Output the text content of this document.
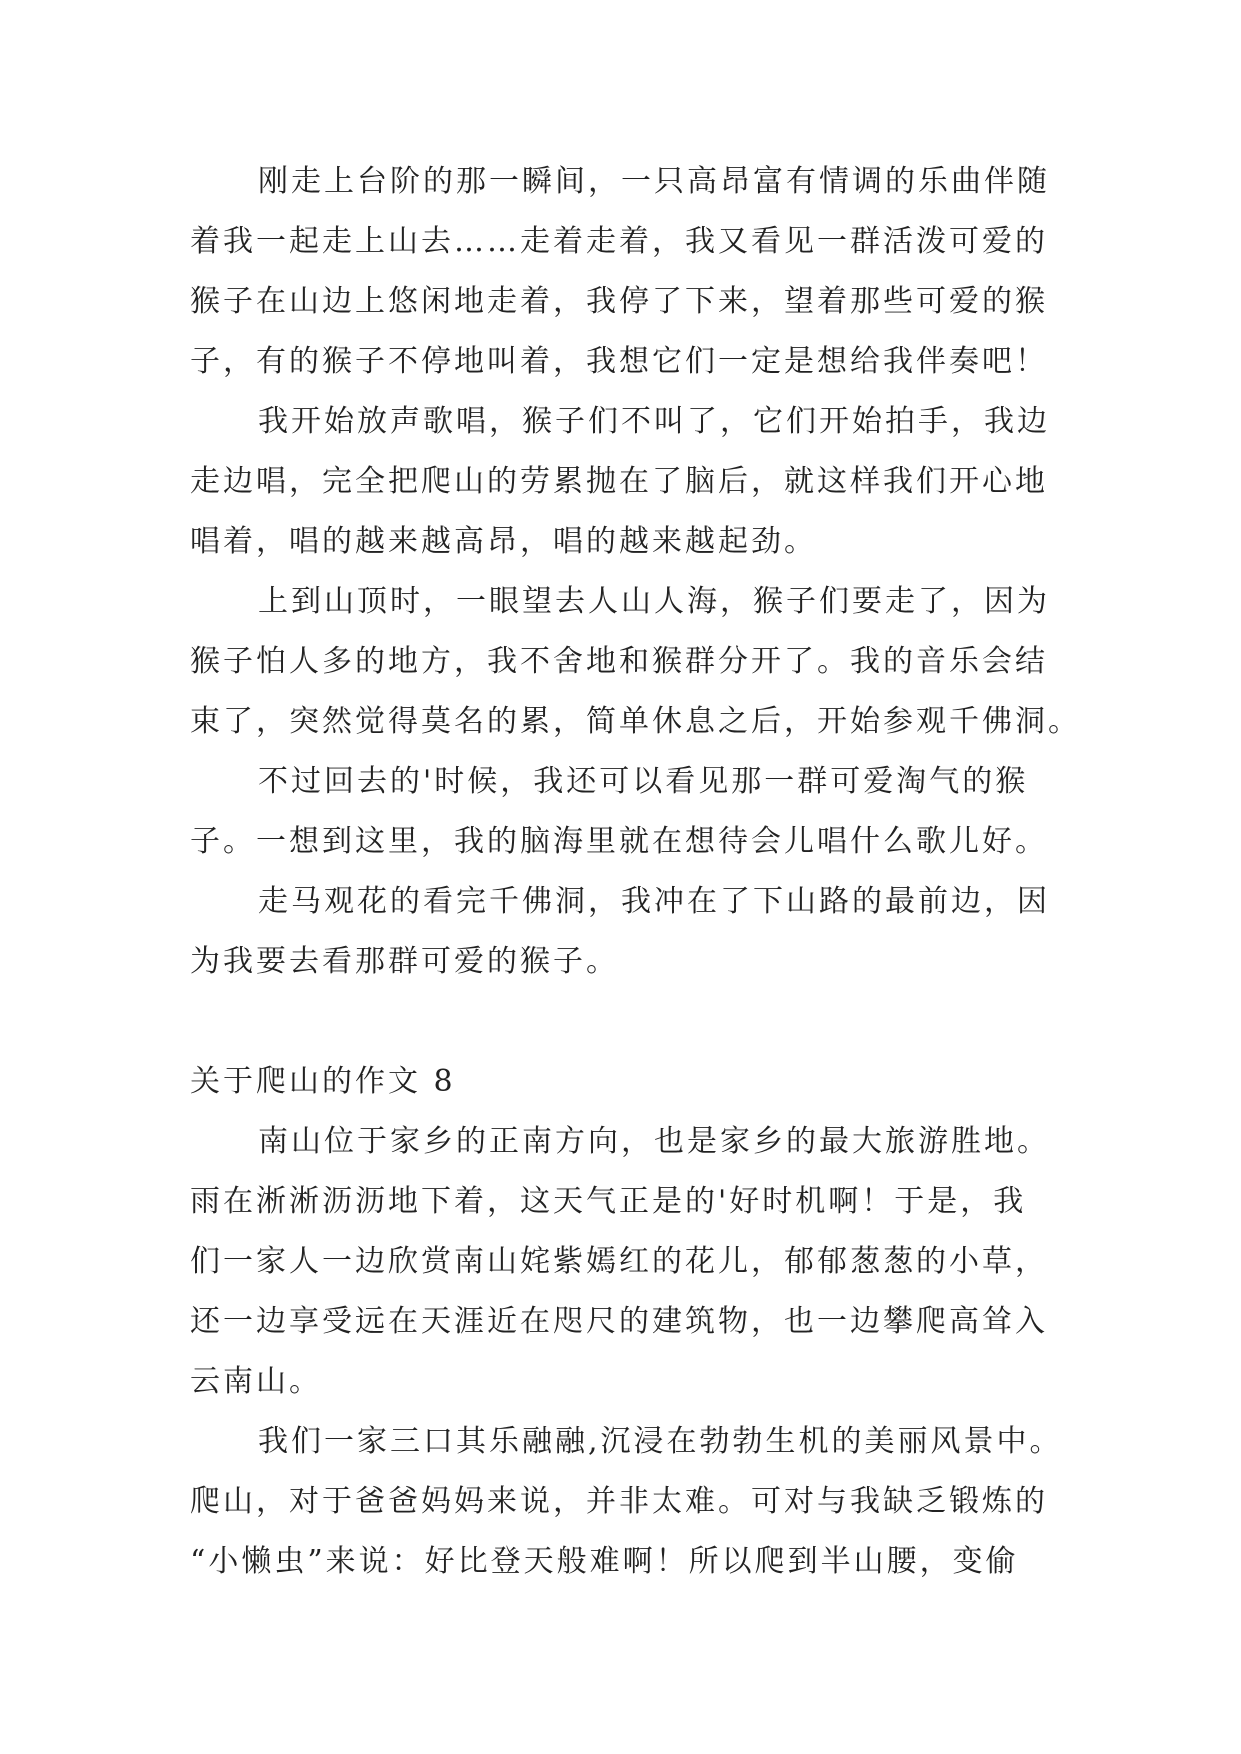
刚走上台阶的那一瞬间，一只高昂富有情调的乐曲伴随
着我一起走上山去……走着走着，我又看见一群活泼可爱的
猴子在山边上悠闲地走着，我停了下来，望着那些可爱的猴
子，有的猴子不停地叫着，我想它们一定是想给我伴奏吧！
我开始放声歌唱，猴子们不叫了，它们开始拍手，我边
走边唱，完全把爬山的劳累抛在了脑后，就这样我们开心地
唱着，唱的越来越高昂，唱的越来越起劲。
上到山顶时，一眼望去人山人海，猴子们要走了，因为
猴子怕人多的地方，我不舍地和猴群分开了。我的音乐会结
束了，突然觉得莫名的累，简单休息之后，开始参观千佛洞。
不过回去的'时候，我还可以看见那一群可爱淘气的猴
子。一想到这里，我的脑海里就在想待会儿唱什么歌儿好。
走马观花的看完千佛洞，我冲在了下山路的最前边，因
为我要去看那群可爱的猴子。
关于爬山的作文 8
南山位于家乡的正南方向，也是家乡的最大旅游胜地。
雨在淅淅沥沥地下着，这天气正是的'好时机啊！于是，我
们一家人一边欣赏南山姹紫嫣红的花儿，郁郁葱葱的小草，
还一边享受远在天涯近在咫尺的建筑物，也一边攀爬高耸入
云南山。
我们一家三口其乐融融,沉浸在勃勃生机的美丽风景中。
爬山，对于爸爸妈妈来说，并非太难。可对与我缺乏锻炼的
“小懒虫”来说：好比登天般难啊！所以爬到半山腰，变偷
